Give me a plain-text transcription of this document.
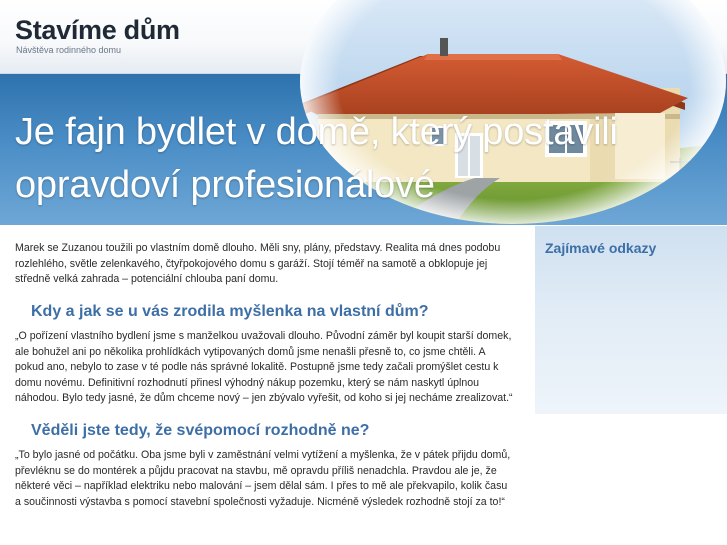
Stavíme dům

Návštěva rodinného domu

Je fajn bydlet v domě, který postavili opravdoví profesionálové

Marek se Zuzanou toužili po vlastním domě dlouho. Měli sny, plány, představy. Realita má dnes podobu rozlehlého, světle zelenkavého, čtyřpokojového domu s garáží. Stojí téměř na samotě a obklopuje jej středně velká zahrada – potenciální chlouba paní domu.

Kdy a jak se u vás zrodila myšlenka na vlastní dům?

„O pořízení vlastního bydlení jsme s manželkou uvažovali dlouho. Původní záměr byl koupit starší domek, ale bohužel ani po několika prohlídkách vytipovaných domů jsme nenašli přesně to, co jsme chtěli. A pokud ano, nebylo to zase v té podle nás správné lokalitě. Postupně jsme tedy začali promýšlet cestu k domu novému. Definitivní rozhodnutí přinesl výhodný nákup pozemku, který se nám naskytl úplnou náhodou. Bylo tedy jasné, že dům chceme nový – jen zbývalo vyřešit, od koho si jej necháme zrealizovat.“

Věděli jste tedy, že svépomocí rozhodně ne?

„To bylo jasné od počátku. Oba jsme byli v zaměstnání velmi vytížení a myšlenka, že v pátek přijdu domů, převléknu se do montérek a půjdu pracovat na stavbu, mě opravdu příliš nenadchla. Pravdou ale je, že některé věci – například elektriku nebo malování – jsem dělal sám. I přes to mě ale překvapilo, kolik času a součinnosti výstavba s pomocí stavební společnosti vyžaduje. Nicméně výsledek rozhodně stojí za to!“

Zajímavé odkazy
